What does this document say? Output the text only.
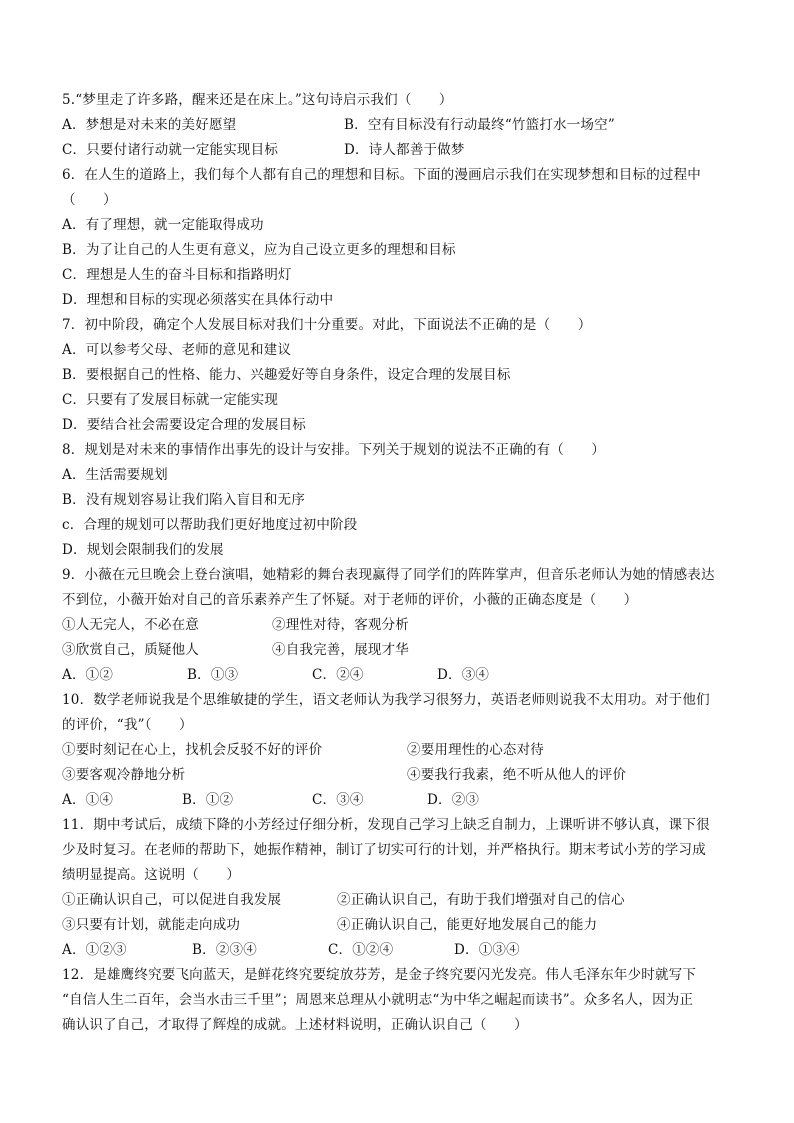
5.“梦里走了许多路，醒来还是在床上。”这句诗启示我们（　　）
A．梦想是对未来的美好愿望	B．空有目标没有行动最终“竹篮打水一场空”
C．只要付诸行动就一定能实现目标	D．诗人都善于做梦
6．在人生的道路上，我们每个人都有自己的理想和目标。下面的漫画启示我们在实现梦想和目标的过程中
（　　）
A．有了理想，就一定能取得成功
B．为了让自己的人生更有意义，应为自己设立更多的理想和目标
C．理想是人生的奋斗目标和指路明灯
D．理想和目标的实现必须落实在具体行动中
7．初中阶段，确定个人发展目标对我们十分重要。对此，下面说法不正确的是（　　）
A．可以参考父母、老师的意见和建议
B．要根据自己的性格、能力、兴趣爱好等自身条件，设定合理的发展目标
C．只要有了发展目标就一定能实现
D．要结合社会需要设定合理的发展目标
8．规划是对未来的事情作出事先的设计与安排。下列关于规划的说法不正确的有（　　）
A．生活需要规划
B．没有规划容易让我们陷入盲目和无序
c．合理的规划可以帮助我们更好地度过初中阶段
D．规划会限制我们的发展
9．小薇在元旦晚会上登台演唱，她精彩的舞台表现赢得了同学们的阵阵掌声，但音乐老师认为她的情感表达
不到位，小薇开始对自己的音乐素养产生了怀疑。对于老师的评价，小薇的正确态度是（　　）
①人无完人，不必在意	②理性对待，客观分析
③欣赏自己，质疑他人	④自我完善，展现才华
A．①②	B．①③	C．②④	D．③④
10．数学老师说我是个思维敏捷的学生，语文老师认为我学习很努力，英语老师则说我不太用功。对于他们
的评价，“我”（　　）
①要时刻记在心上，找机会反驳不好的评价	②要用理性的心态对待
③要客观冷静地分析	④要我行我素，绝不听从他人的评价
A．①④	B．①②	C．③④	D．②③
11．期中考试后，成绩下降的小芳经过仔细分析，发现自己学习上缺乏自制力，上课听讲不够认真，课下很
少及时复习。在老师的帮助下，她振作精神，制订了切实可行的计划，并严格执行。期末考试小芳的学习成
绩明显提高。这说明（　　）
①正确认识自己，可以促进自我发展	②正确认识自己，有助于我们增强对自己的信心
③只要有计划，就能走向成功	④正确认识自己，能更好地发展自己的能力
A．①②③	B．②③④	C．①②④	D．①③④
12．是雄鹰终究要飞向蓝天，是鲜花终究要绽放芬芳，是金子终究要闪光发亮。伟人毛泽东年少时就写下
“自信人生二百年，会当水击三千里”；周恩来总理从小就明志“为中华之崛起而读书”。众多名人，因为正
确认识了自己，才取得了辉煌的成就。上述材料说明，正确认识自己（　　）
